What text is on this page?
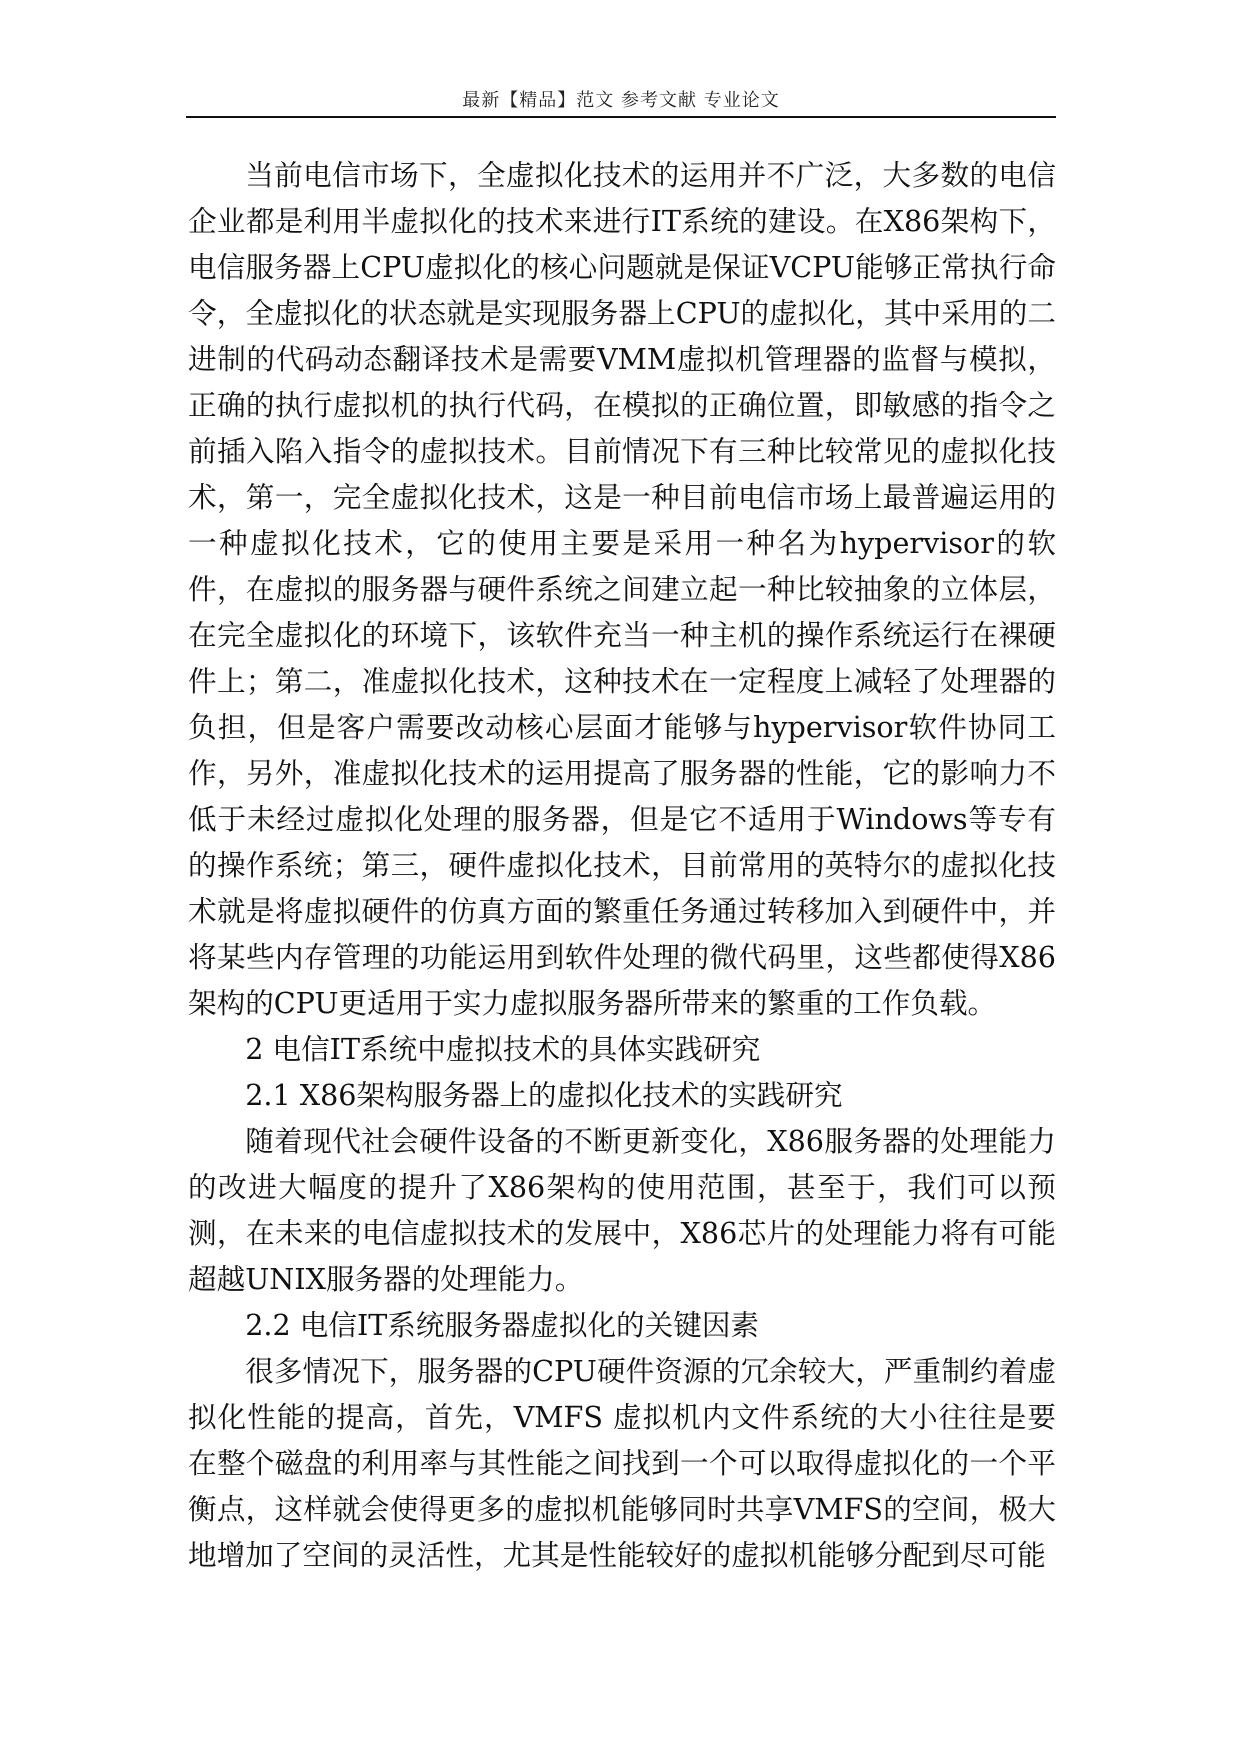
最新【精品】范文 参考文献 专业论文

当前电信市场下，全虚拟化技术的运用并不广泛，大多数的电信企业都是利用半虚拟化的技术来进行IT系统的建设。在X86架构下，电信服务器上CPU虚拟化的核心问题就是保证VCPU能够正常执行命令，全虚拟化的状态就是实现服务器上CPU的虚拟化，其中采用的二进制的代码动态翻译技术是需要VMM虚拟机管理器的监督与模拟，正确的执行虚拟机的执行代码，在模拟的正确位置，即敏感的指令之前插入陷入指令的虚拟技术。目前情况下有三种比较常见的虚拟化技术，第一，完全虚拟化技术，这是一种目前电信市场上最普遍运用的一种虚拟化技术，它的使用主要是采用一种名为hypervisor的软件，在虚拟的服务器与硬件系统之间建立起一种比较抽象的立体层，在完全虚拟化的环境下，该软件充当一种主机的操作系统运行在裸硬件上；第二，准虚拟化技术，这种技术在一定程度上减轻了处理器的负担，但是客户需要改动核心层面才能够与hypervisor软件协同工作，另外，准虚拟化技术的运用提高了服务器的性能，它的影响力不低于未经过虚拟化处理的服务器，但是它不适用于Windows等专有的操作系统；第三，硬件虚拟化技术，目前常用的英特尔的虚拟化技术就是将虚拟硬件的仿真方面的繁重任务通过转移加入到硬件中，并将某些内存管理的功能运用到软件处理的微代码里，这些都使得X86架构的CPU更适用于实力虚拟服务器所带来的繁重的工作负载。

2 电信IT系统中虚拟技术的具体实践研究

2.1 X86架构服务器上的虚拟化技术的实践研究

随着现代社会硬件设备的不断更新变化，X86服务器的处理能力的改进大幅度的提升了X86架构的使用范围，甚至于，我们可以预测，在未来的电信虚拟技术的发展中，X86芯片的处理能力将有可能超越UNIX服务器的处理能力。

2.2 电信IT系统服务器虚拟化的关键因素

很多情况下，服务器的CPU硬件资源的冗余较大，严重制约着虚拟化性能的提高，首先，VMFS 虚拟机内文件系统的大小往往是要在整个磁盘的利用率与其性能之间找到一个可以取得虚拟化的一个平衡点，这样就会使得更多的虚拟机能够同时共享VMFS的空间，极大地增加了空间的灵活性，尤其是性能较好的虚拟机能够分配到尽可能
